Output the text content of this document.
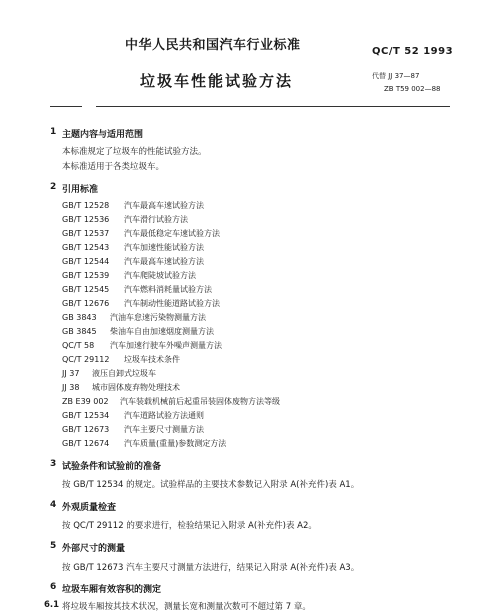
中华人民共和国汽车行业标准	QC/T 52 1993
垃圾车性能试验方法	代替 JJ 37—87
ZB T59 002—88
1 主题内容与适用范围
本标准规定了垃圾车的性能试验方法。
本标准适用于各类垃圾车。
2 引用标准
GB/T 12528 汽车最高车速试验方法
GB/T 12536 汽车滑行试验方法
GB/T 12537 汽车最低稳定车速试验方法
GB/T 12543 汽车加速性能试验方法
GB/T 12544 汽车最高车速试验方法
GB/T 12539 汽车爬陡坡试验方法
GB/T 12545 汽车燃料消耗量试验方法
GB/T 12676 汽车制动性能道路试验方法
GB 3843 汽油车怠速污染物测量方法
GB 3845 柴油车自由加速烟度测量方法
QC/T 58 汽车加速行驶车外噪声测量方法
QC/T 29112 垃圾车技术条件
JJ 37 液压自卸式垃圾车
JJ 38 城市固体废弃物处理技术
ZB E39 002 汽车装载机械前后起重吊装固体废物方法等级
GB/T 12534 汽车道路试验方法通则
GB/T 12673 汽车主要尺寸测量方法
GB/T 12674 汽车质量(重量)参数测定方法
3 试验条件和试验前的准备
按 GB/T 12534 的规定。试验样品的主要技术参数记入附录 A(补充件)表 A1。
4 外观质量检查
按 QC/T 29112 的要求进行，检验结果记入附录 A(补充件)表 A2。
5 外部尺寸的测量
按 GB/T 12673 汽车主要尺寸测量方法进行，结果记入附录 A(补充件)表 A3。
6 垃圾车厢有效容积的测定
6.1 将垃圾车厢按其技术状况，测量长宽和测量次数可不超过第 7 章。
